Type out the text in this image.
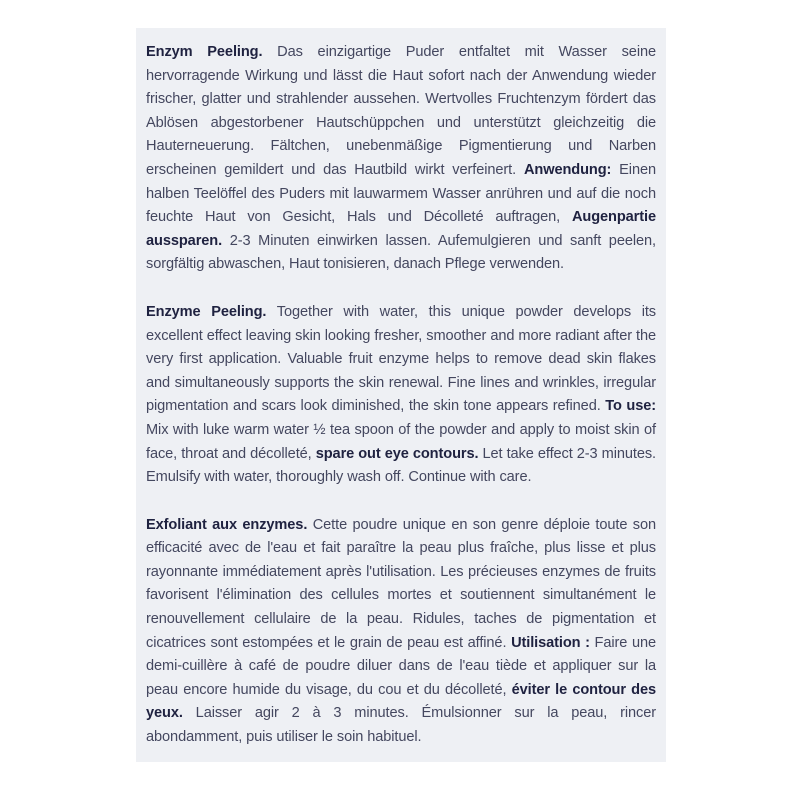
Enzym Peeling. Das einzigartige Puder entfaltet mit Wasser seine hervorragende Wirkung und lässt die Haut sofort nach der Anwendung wieder frischer, glatter und strahlender aussehen. Wertvolles Fruchtenzym fördert das Ablösen abgestorbener Hautschüppchen und unterstützt gleichzeitig die Hauterneuerung. Fältchen, unebenmäßige Pigmentierung und Narben erscheinen gemildert und das Hautbild wirkt verfeinert. Anwendung: Einen halben Teelöffel des Puders mit lauwarmem Wasser anrühren und auf die noch feuchte Haut von Gesicht, Hals und Décolleté auftragen, Augenpartie aussparen. 2-3 Minuten einwirken lassen. Aufemulgieren und sanft peelen, sorgfältig abwaschen, Haut tonisieren, danach Pflege verwenden.

Enzyme Peeling. Together with water, this unique powder develops its excellent effect leaving skin looking fresher, smoother and more radiant after the very first application. Valuable fruit enzyme helps to remove dead skin flakes and simultaneously supports the skin renewal. Fine lines and wrinkles, irregular pigmentation and scars look diminished, the skin tone appears refined. To use: Mix with luke warm water ½ tea spoon of the powder and apply to moist skin of face, throat and décolleté, spare out eye contours. Let take effect 2-3 minutes. Emulsify with water, thoroughly wash off. Continue with care.

Exfoliant aux enzymes. Cette poudre unique en son genre déploie toute son efficacité avec de l'eau et fait paraître la peau plus fraîche, plus lisse et plus rayonnante immédiatement après l'utilisation. Les précieuses enzymes de fruits favorisent l'élimination des cellules mortes et soutiennent simultanément le renouvellement cellulaire de la peau. Ridules, taches de pigmentation et cicatrices sont estompées et le grain de peau est affiné. Utilisation : Faire une demi-cuillère à café de poudre diluer dans de l'eau tiède et appliquer sur la peau encore humide du visage, du cou et du décolleté, éviter le contour des yeux. Laisser agir 2 à 3 minutes. Émulsionner sur la peau, rincer abondamment, puis utiliser le soin habituel.
